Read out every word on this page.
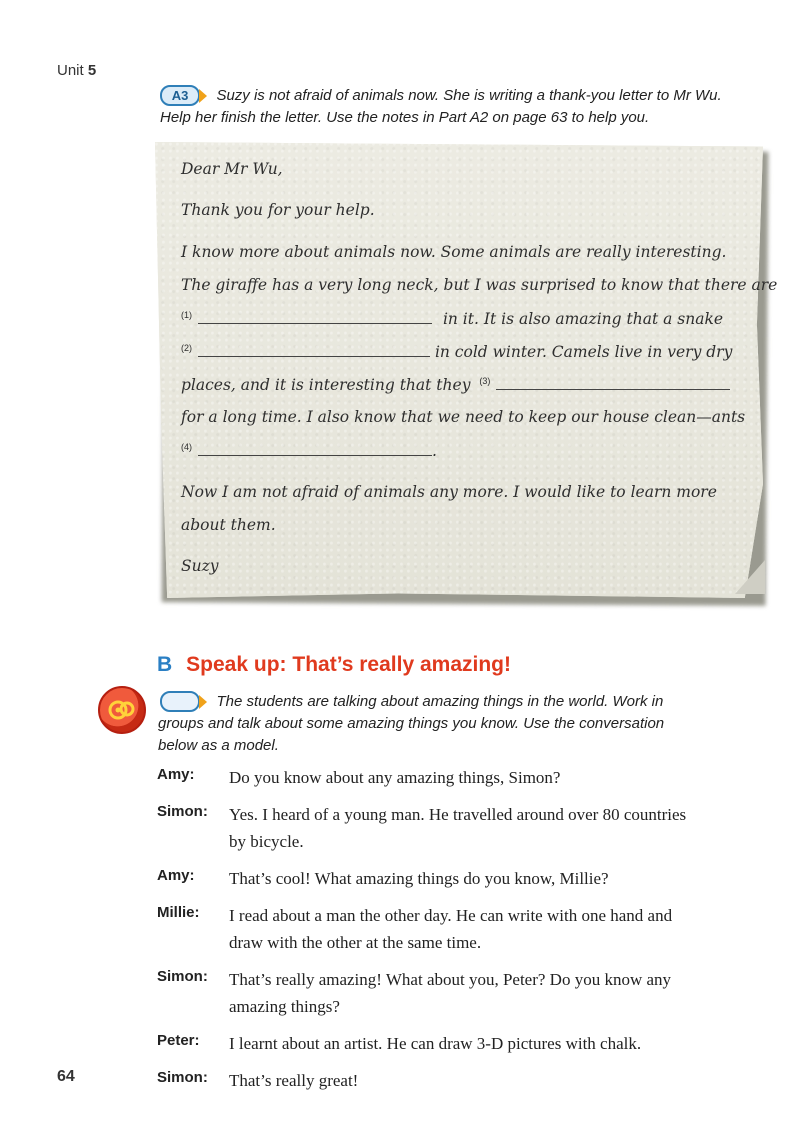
Unit 5
A3 Suzy is not afraid of animals now. She is writing a thank-you letter to Mr Wu.
Help her finish the letter. Use the notes in Part A2 on page 63 to help you.
Dear Mr Wu,
Thank you for your help.
I know more about animals now. Some animals are really interesting.
The giraffe has a very long neck, but I was surprised to know that there are
$^{(1)}$	in it. It is also amazing that a snake
$^{(2)}$	in cold winter. Camels live in very dry
places, and it is interesting that they $^{(3)}$
for a long time. I also know that we need to keep our house clean—ants
$^{(4)}$	.
Now I am not afraid of animals any more. I would like to learn more
about them.
Suzy
B Speak up: That’s really amazing!
The students are talking about amazing things in the world. Work in
groups and talk about some amazing things you know. Use the conversation
below as a model.
Amy:	Do you know about any amazing things, Simon?
Simon:	Yes. I heard of a young man. He travelled around over 80 countries
by bicycle.
Amy:	That’s cool! What amazing things do you know, Millie?
Millie:	I read about a man the other day. He can write with one hand and
draw with the other at the same time.
Simon:	That’s really amazing! What about you, Peter? Do you know any
amazing things?
Peter:	I learnt about an artist. He can draw 3-D pictures with chalk.
Simon:	That’s really great!
64
